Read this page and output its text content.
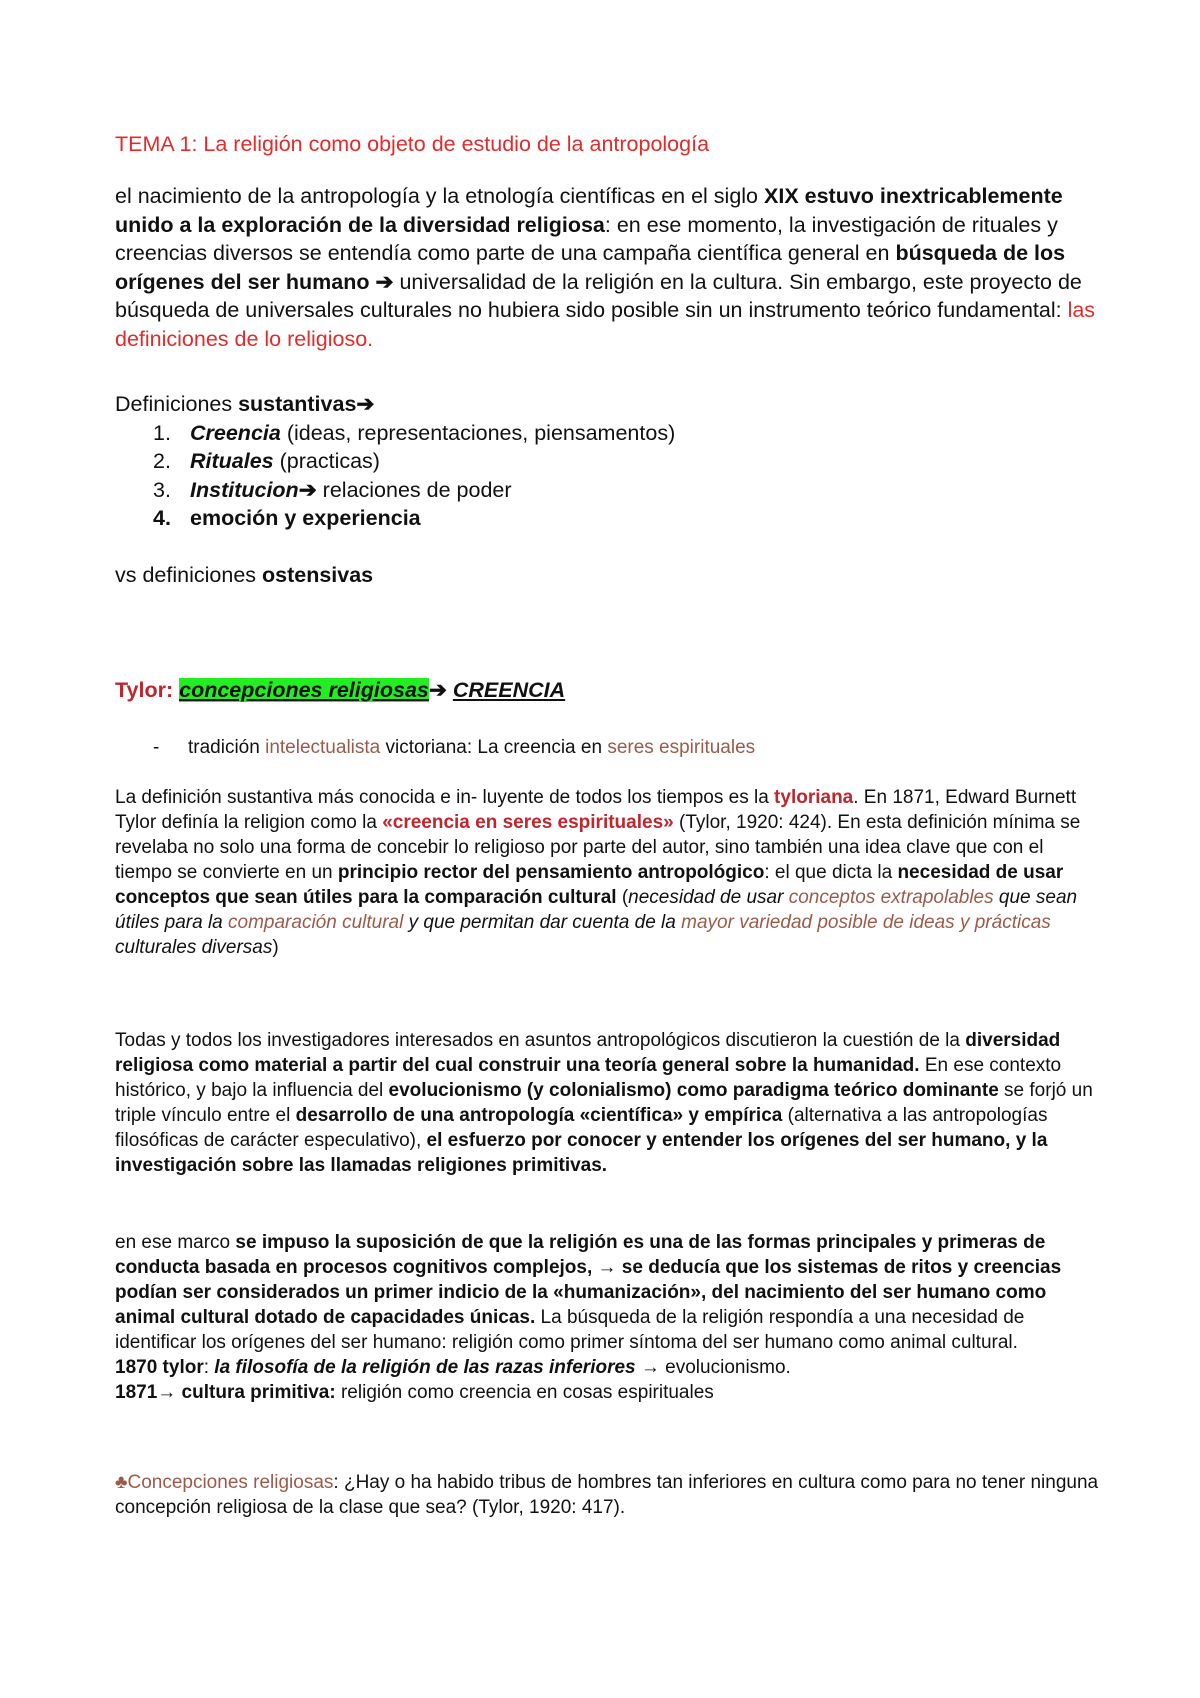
TEMA 1: La religión como objeto de estudio de la antropología

el nacimiento de la antropología y la etnología científicas en el siglo XIX estuvo inextricablemente unido a la exploración de la diversidad religiosa: en ese momento, la investigación de rituales y creencias diversos se entendía como parte de una campaña científica general en búsqueda de los orígenes del ser humano ➔ universalidad de la religión en la cultura. Sin embargo, este proyecto de búsqueda de universales culturales no hubiera sido posible sin un instrumento teórico fundamental: las definiciones de lo religioso.

Definiciones sustantivas➔
1. Creencia (ideas, representaciones, piensamentos)
2. Rituales (practicas)
3. Institucion➔ relaciones de poder
4. emoción y experiencia
vs definiciones ostensivas

Tylor: concepciones religiosas➔ CREENCIA

- tradición intelectualista victoriana: La creencia en seres espirituales

La definición sustantiva más conocida e in- luyente de todos los tiempos es la tyloriana. En 1871, Edward Burnett Tylor definía la religion como la «creencia en seres espirituales» (Tylor, 1920: 424). En esta definición mínima se revelaba no solo una forma de concebir lo religioso por parte del autor, sino también una idea clave que con el tiempo se convierte en un principio rector del pensamiento antropológico: el que dicta la necesidad de usar conceptos que sean útiles para la comparación cultural (necesidad de usar conceptos extrapolables que sean útiles para la comparación cultural y que permitan dar cuenta de la mayor variedad posible de ideas y prácticas culturales diversas)

Todas y todos los investigadores interesados en asuntos antropológicos discutieron la cuestión de la diversidad religiosa como material a partir del cual construir una teoría general sobre la humanidad. En ese contexto histórico, y bajo la influencia del evolucionismo (y colonialismo) como paradigma teórico dominante se forjó un triple vínculo entre el desarrollo de una antropología «científica» y empírica (alternativa a las antropologías filosóficas de carácter especulativo), el esfuerzo por conocer y entender los orígenes del ser humano, y la investigación sobre las llamadas religiones primitivas.

en ese marco se impuso la suposición de que la religión es una de las formas principales y primeras de conducta basada en procesos cognitivos complejos, → se deducía que los sistemas de ritos y creencias podían ser considerados un primer indicio de la «humanización», del nacimiento del ser humano como animal cultural dotado de capacidades únicas. La búsqueda de la religión respondía a una necesidad de identificar los orígenes del ser humano: religión como primer síntoma del ser humano como animal cultural.
1870 tylor: la filosofía de la religión de las razas inferiores → evolucionismo.
1871→ cultura primitiva: religión como creencia en cosas espirituales

♣Concepciones religiosas: ¿Hay o ha habido tribus de hombres tan inferiores en cultura como para no tener ninguna concepción religiosa de la clase que sea? (Tylor, 1920: 417).
